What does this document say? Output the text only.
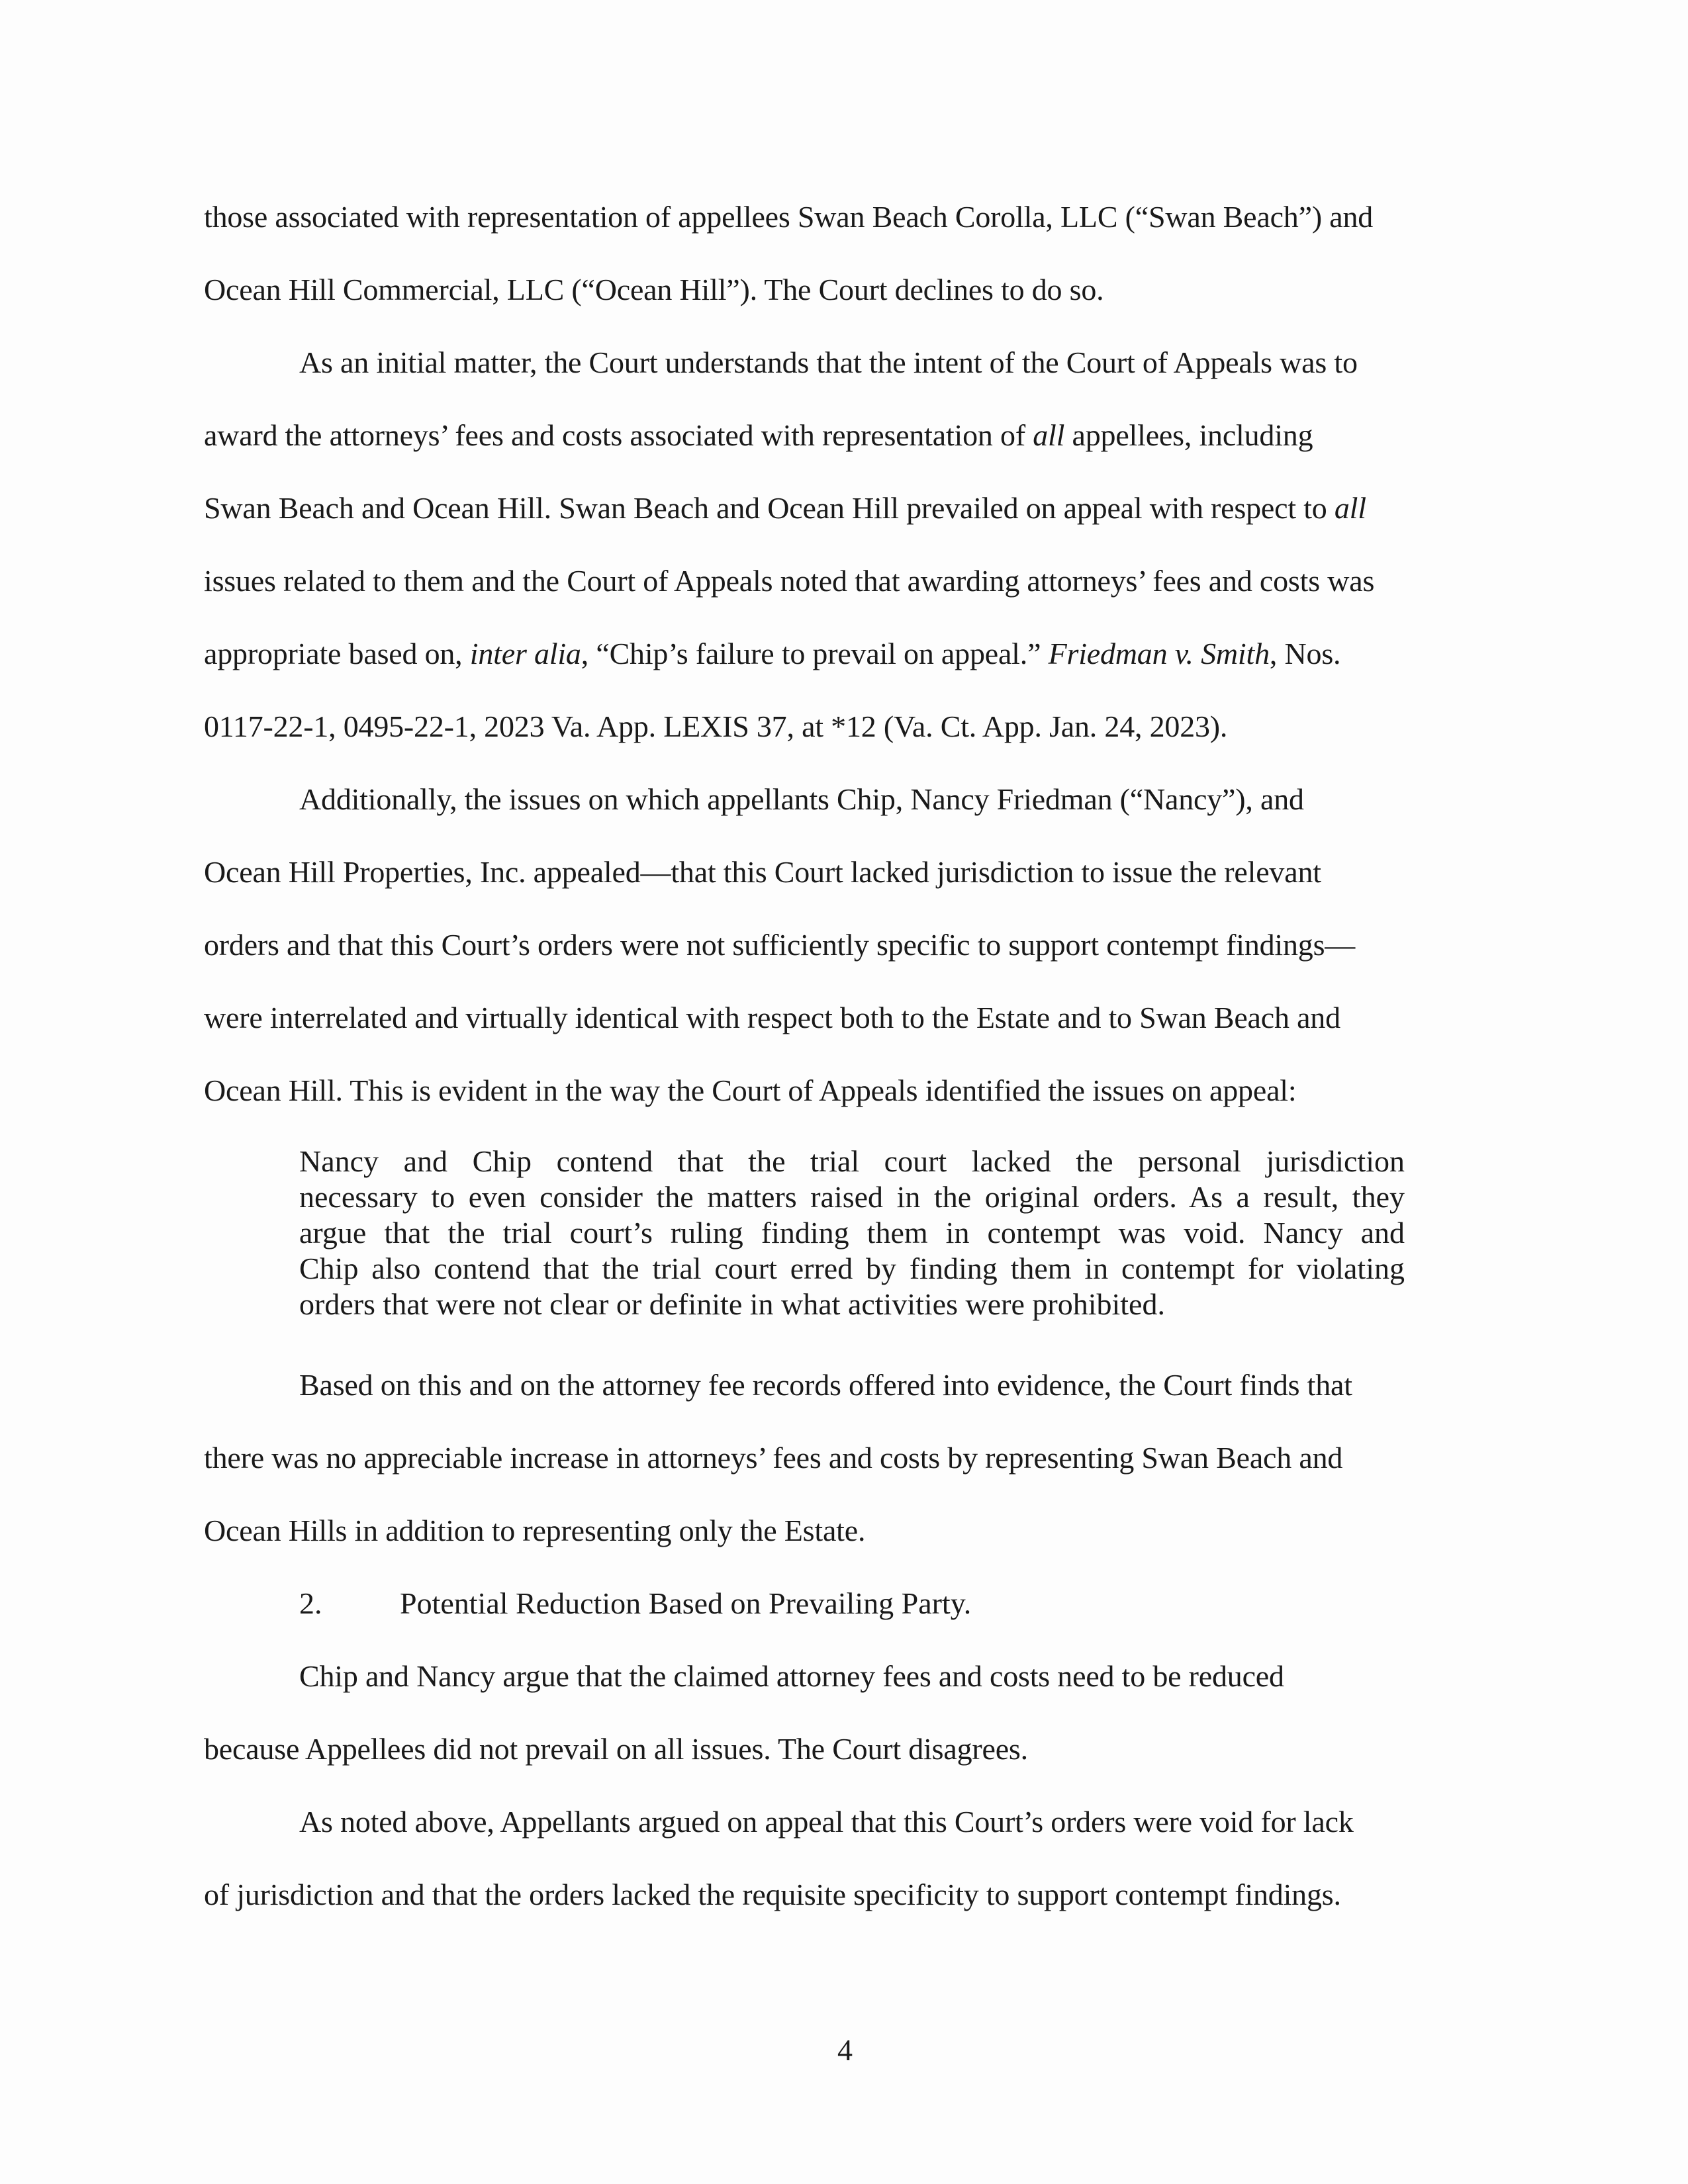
those associated with representation of appellees Swan Beach Corolla, LLC (“Swan Beach”) and
Ocean Hill Commercial, LLC (“Ocean Hill”). The Court declines to do so.
As an initial matter, the Court understands that the intent of the Court of Appeals was to
award the attorneys’ fees and costs associated with representation of all appellees, including
Swan Beach and Ocean Hill. Swan Beach and Ocean Hill prevailed on appeal with respect to all
issues related to them and the Court of Appeals noted that awarding attorneys’ fees and costs was
appropriate based on, inter alia, “Chip’s failure to prevail on appeal.” Friedman v. Smith, Nos.
0117-22-1, 0495-22-1, 2023 Va. App. LEXIS 37, at *12 (Va. Ct. App. Jan. 24, 2023).
Additionally, the issues on which appellants Chip, Nancy Friedman (“Nancy”), and
Ocean Hill Properties, Inc. appealed—that this Court lacked jurisdiction to issue the relevant
orders and that this Court’s orders were not sufficiently specific to support contempt findings—
were interrelated and virtually identical with respect both to the Estate and to Swan Beach and
Ocean Hill. This is evident in the way the Court of Appeals identified the issues on appeal:
Nancy and Chip contend that the trial court lacked the personal jurisdiction
necessary to even consider the matters raised in the original orders. As a result, they
argue that the trial court’s ruling finding them in contempt was void. Nancy and
Chip also contend that the trial court erred by finding them in contempt for violating
orders that were not clear or definite in what activities were prohibited.
Based on this and on the attorney fee records offered into evidence, the Court finds that
there was no appreciable increase in attorneys’ fees and costs by representing Swan Beach and
Ocean Hills in addition to representing only the Estate.
2.	Potential Reduction Based on Prevailing Party.
Chip and Nancy argue that the claimed attorney fees and costs need to be reduced
because Appellees did not prevail on all issues. The Court disagrees.
As noted above, Appellants argued on appeal that this Court’s orders were void for lack
of jurisdiction and that the orders lacked the requisite specificity to support contempt findings.
4
